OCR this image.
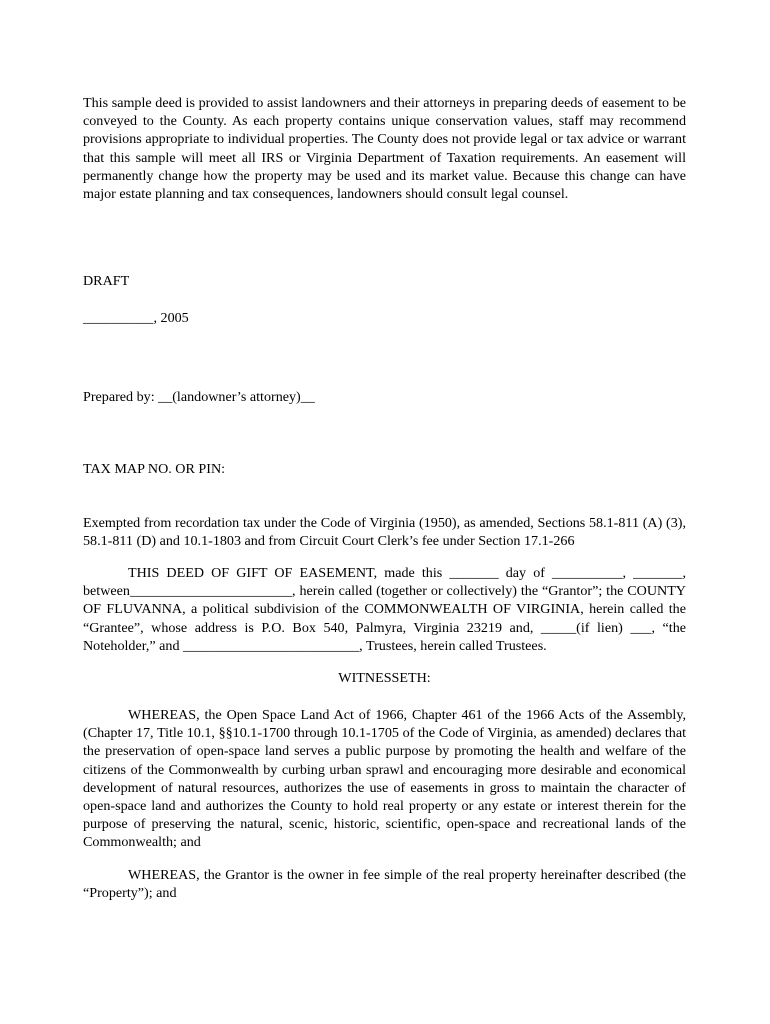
This sample deed is provided to assist landowners and their attorneys in preparing deeds of easement to be conveyed to the County. As each property contains unique conservation values, staff may recommend provisions appropriate to individual properties. The County does not provide legal or tax advice or warrant that this sample will meet all IRS or Virginia Department of Taxation requirements. An easement will permanently change how the property may be used and its market value. Because this change can have major estate planning and tax consequences, landowners should consult legal counsel.

DRAFT

__________, 2005

Prepared by: __(landowner’s attorney)__

TAX MAP NO. OR PIN:

Exempted from recordation tax under the Code of Virginia (1950), as amended, Sections 58.1-811 (A) (3), 58.1-811 (D) and 10.1-1803 and from Circuit Court Clerk’s fee under Section 17.1-266

THIS DEED OF GIFT OF EASEMENT, made this _______ day of __________, _______, between_______________________, herein called (together or collectively) the “Grantor”; the COUNTY OF FLUVANNA, a political subdivision of the COMMONWEALTH OF VIRGINIA, herein called the “Grantee”, whose address is P.O. Box 540, Palmyra, Virginia 23219 and, _____(if lien) ___, “the Noteholder,” and _________________________, Trustees, herein called Trustees.

WITNESSETH:

WHEREAS, the Open Space Land Act of 1966, Chapter 461 of the 1966 Acts of the Assembly, (Chapter 17, Title 10.1, §§10.1-1700 through 10.1-1705 of the Code of Virginia, as amended) declares that the preservation of open-space land serves a public purpose by promoting the health and welfare of the citizens of the Commonwealth by curbing urban sprawl and encouraging more desirable and economical development of natural resources, authorizes the use of easements in gross to maintain the character of open-space land and authorizes the County to hold real property or any estate or interest therein for the purpose of preserving the natural, scenic, historic, scientific, open-space and recreational lands of the Commonwealth; and

WHEREAS, the Grantor is the owner in fee simple of the real property hereinafter described (the “Property”); and
